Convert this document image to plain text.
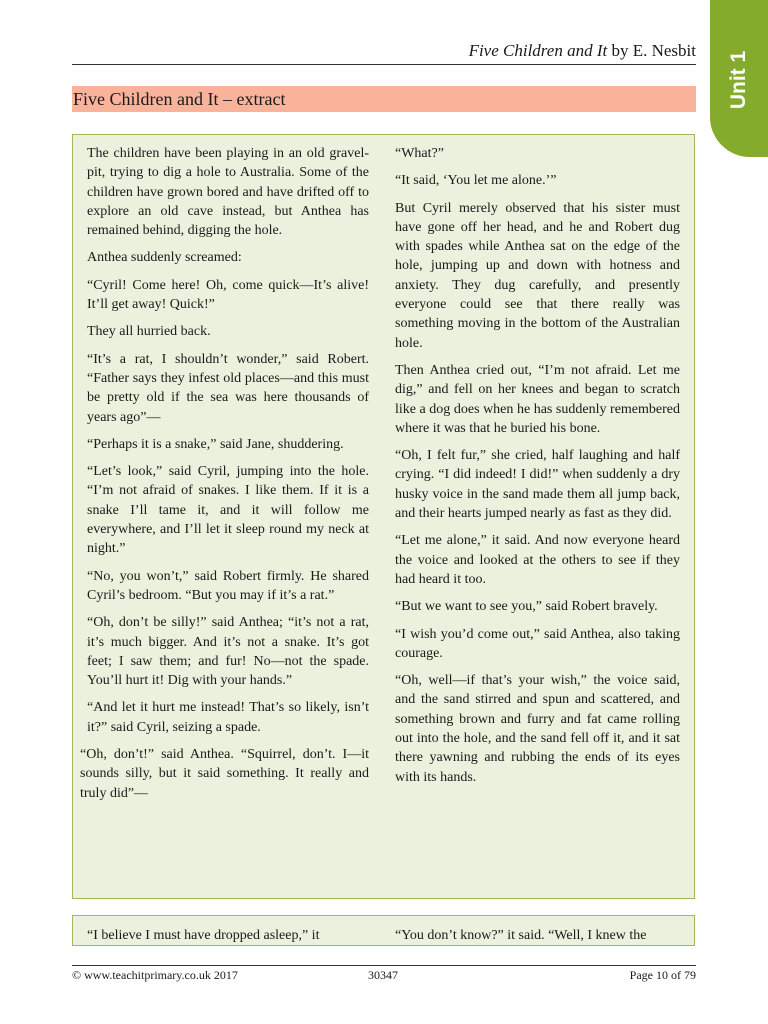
Five Children and It by E. Nesbit
Unit 1
Five Children and It – extract

The children have been playing in an old gravel-pit, trying to dig a hole to Australia. Some of the children have grown bored and have drifted off to explore an old cave instead, but Anthea has remained behind, digging the hole.

Anthea suddenly screamed:

“Cyril! Come here! Oh, come quick—It’s alive! It’ll get away! Quick!”

They all hurried back.

“It’s a rat, I shouldn’t wonder,” said Robert. “Father says they infest old places—and this must be pretty old if the sea was here thousands of years ago”—

“Perhaps it is a snake,” said Jane, shuddering.

“Let’s look,” said Cyril, jumping into the hole. “I’m not afraid of snakes. I like them. If it is a snake I’ll tame it, and it will follow me everywhere, and I’ll let it sleep round my neck at night.”

“No, you won’t,” said Robert firmly. He shared Cyril’s bedroom. “But you may if it’s a rat.”

“Oh, don’t be silly!” said Anthea; “it’s not a rat, it’s much bigger. And it’s not a snake. It’s got feet; I saw them; and fur! No—not the spade. You’ll hurt it! Dig with your hands.”

“And let it hurt me instead! That’s so likely, isn’t it?” said Cyril, seizing a spade.

“Oh, don’t!” said Anthea. “Squirrel, don’t. I—it sounds silly, but it said something. It really and truly did”—

“What?”

“It said, ‘You let me alone.’”

But Cyril merely observed that his sister must have gone off her head, and he and Robert dug with spades while Anthea sat on the edge of the hole, jumping up and down with hotness and anxiety. They dug carefully, and presently everyone could see that there really was something moving in the bottom of the Australian hole.

Then Anthea cried out, “I’m not afraid. Let me dig,” and fell on her knees and began to scratch like a dog does when he has suddenly remembered where it was that he buried his bone.

“Oh, I felt fur,” she cried, half laughing and half crying. “I did indeed! I did!” when suddenly a dry husky voice in the sand made them all jump back, and their hearts jumped nearly as fast as they did.

“Let me alone,” it said. And now everyone heard the voice and looked at the others to see if they had heard it too.

“But we want to see you,” said Robert bravely.

“I wish you’d come out,” said Anthea, also taking courage.

“Oh, well—if that’s your wish,” the voice said, and the sand stirred and spun and scattered, and something brown and furry and fat came rolling out into the hole, and the sand fell off it, and it sat there yawning and rubbing the ends of its eyes with its hands.

“I believe I must have dropped asleep,” it	“You don’t know?” it said. “Well, I knew the
© www.teachitprimary.co.uk 2017	30347	Page 10 of 79
